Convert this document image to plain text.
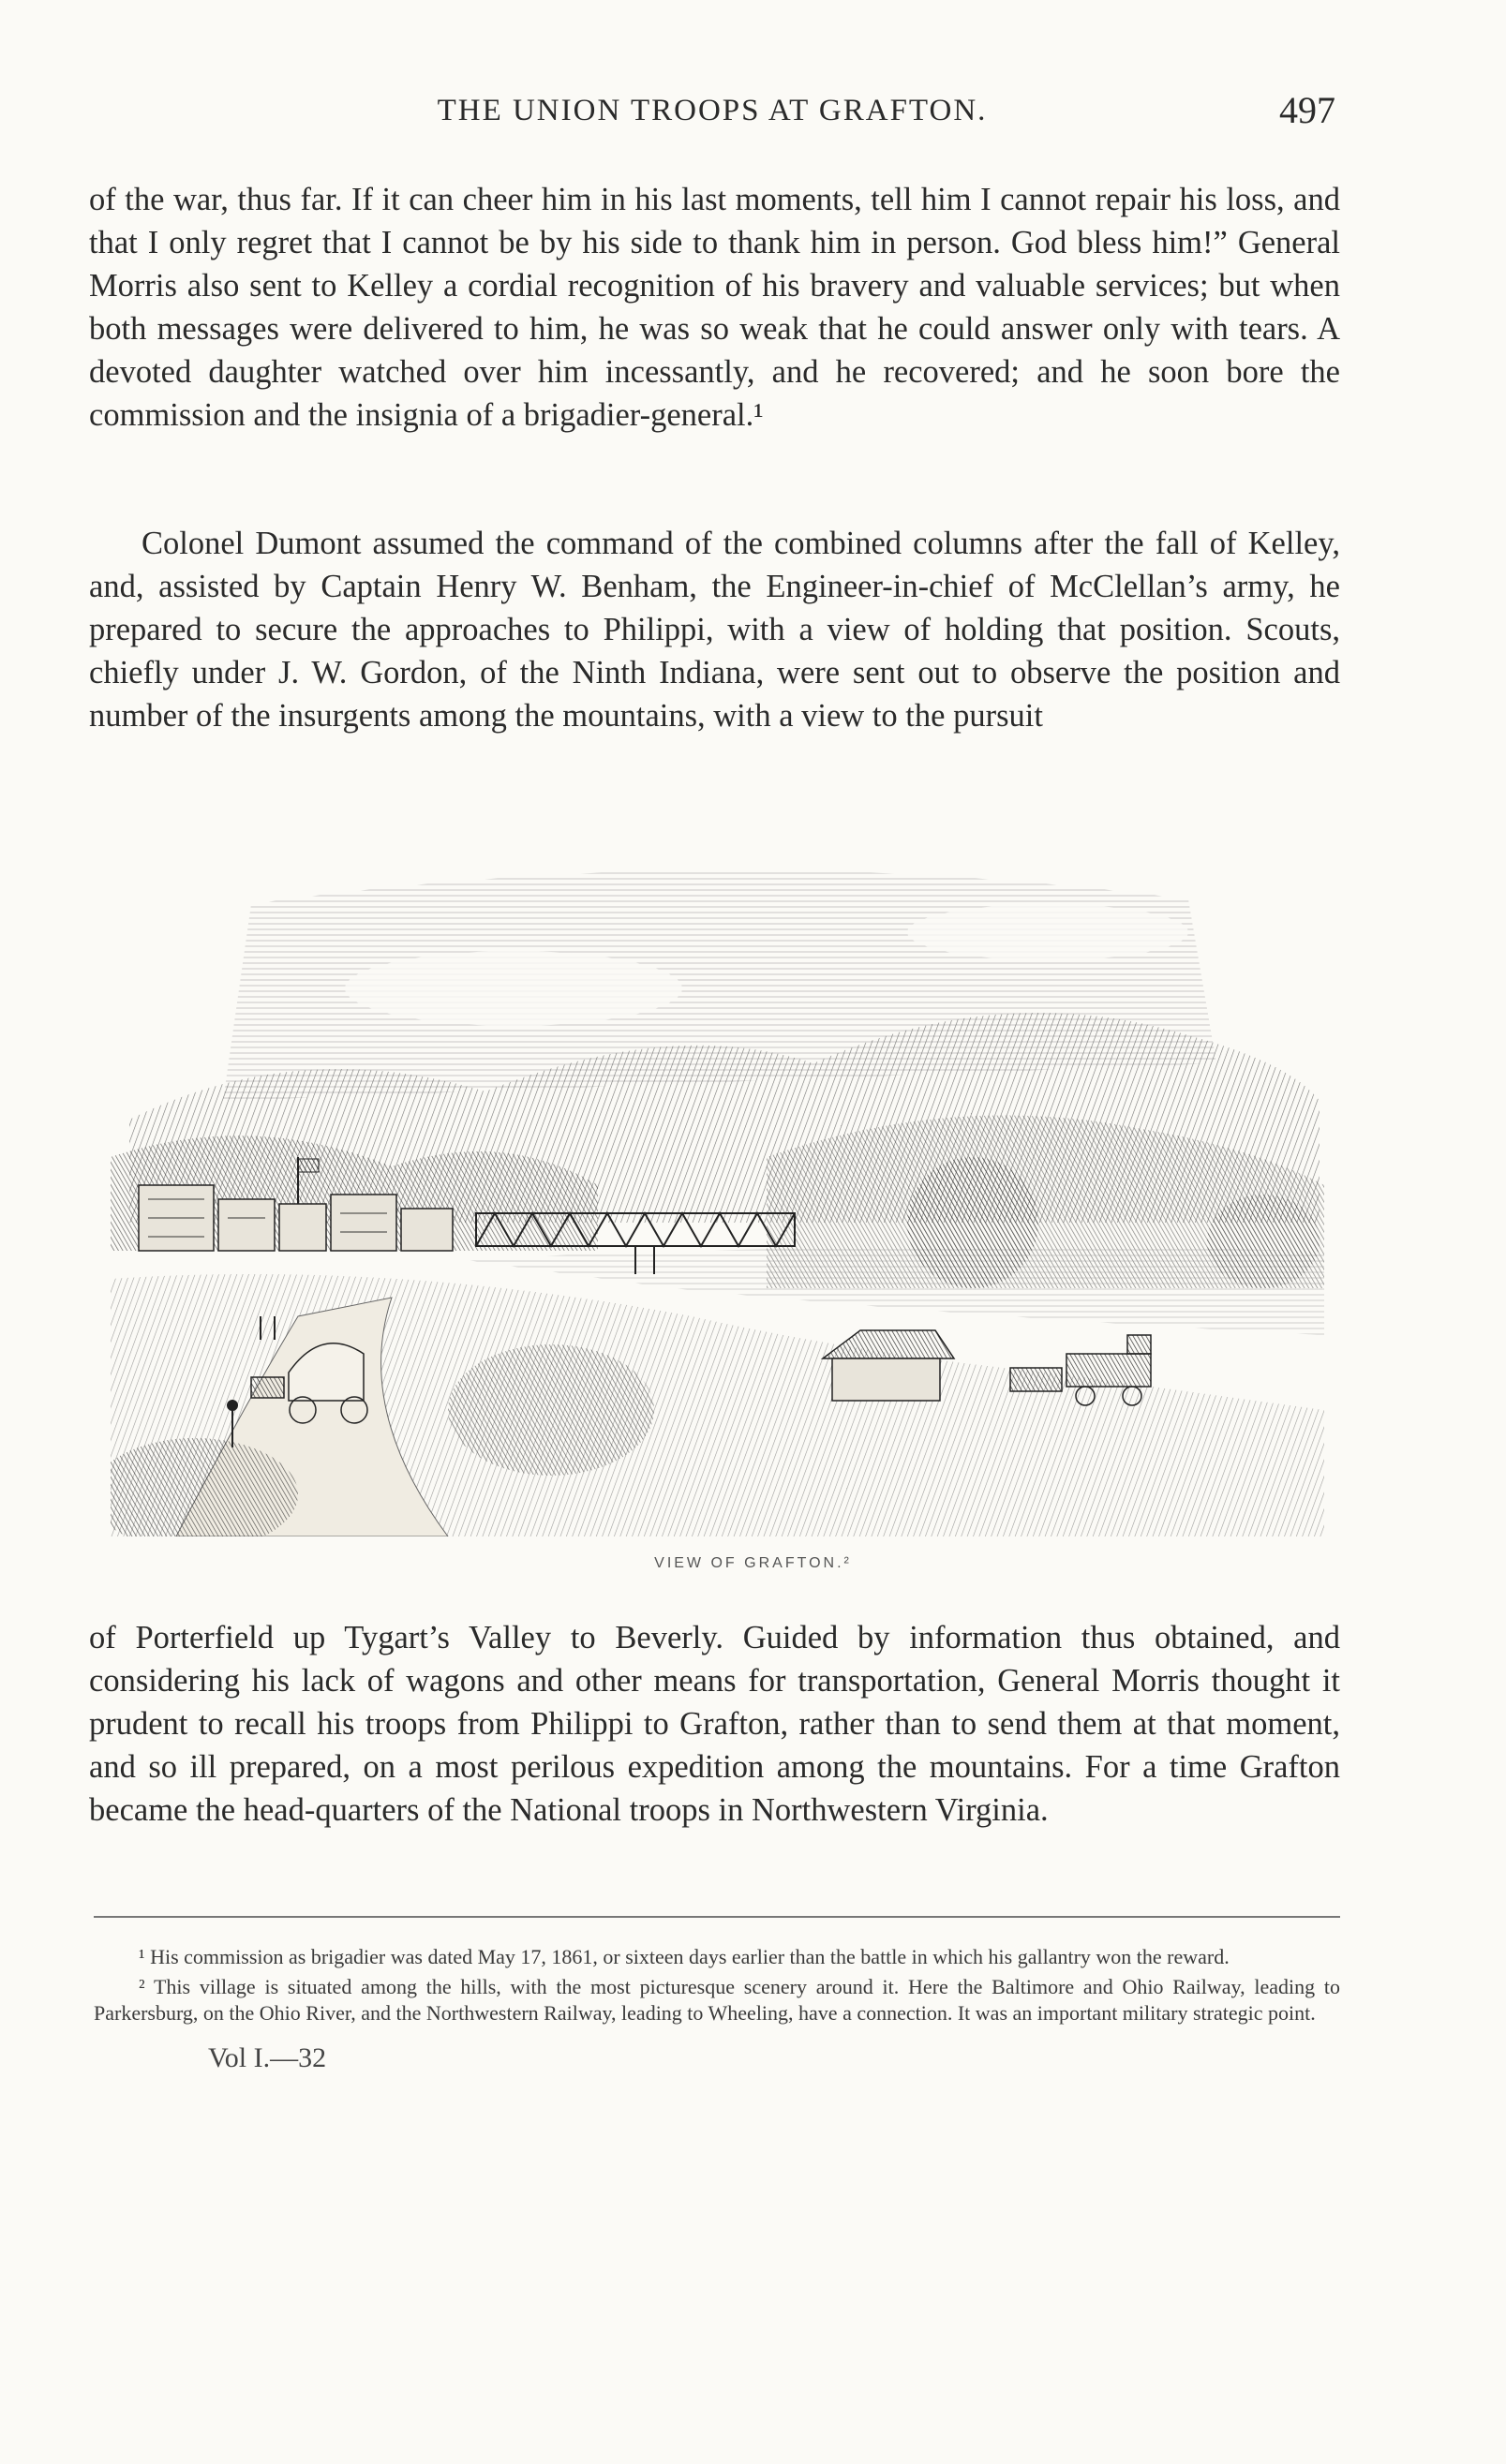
THE UNION TROOPS AT GRAFTON.	497

of the war, thus far. If it can cheer him in his last moments, tell him I cannot repair his loss, and that I only regret that I cannot be by his side to thank him in person. God bless him!” General Morris also sent to Kelley a cordial recognition of his bravery and valuable services; but when both messages were delivered to him, he was so weak that he could answer only with tears. A devoted daughter watched over him incessantly, and he recovered; and he soon bore the commission and the insignia of a brigadier-general.¹

Colonel Dumont assumed the command of the combined columns after the fall of Kelley, and, assisted by Captain Henry W. Benham, the Engineer-in-chief of McClellan’s army, he prepared to secure the approaches to Philippi, with a view of holding that position. Scouts, chiefly under J. W. Gordon, of the Ninth Indiana, were sent out to observe the position and number of the insurgents among the mountains, with a view to the pursuit

VIEW OF GRAFTON.²

of Porterfield up Tygart’s Valley to Beverly. Guided by information thus obtained, and considering his lack of wagons and other means for transportation, General Morris thought it prudent to recall his troops from Philippi to Grafton, rather than to send them at that moment, and so ill prepared, on a most perilous expedition among the mountains. For a time Grafton became the head-quarters of the National troops in Northwestern Virginia.

¹ His commission as brigadier was dated May 17, 1861, or sixteen days earlier than the battle in which his gallantry won the reward.

² This village is situated among the hills, with the most picturesque scenery around it. Here the Baltimore and Ohio Railway, leading to Parkersburg, on the Ohio River, and the Northwestern Railway, leading to Wheeling, have a connection. It was an important military strategic point.

Vol I.—32
